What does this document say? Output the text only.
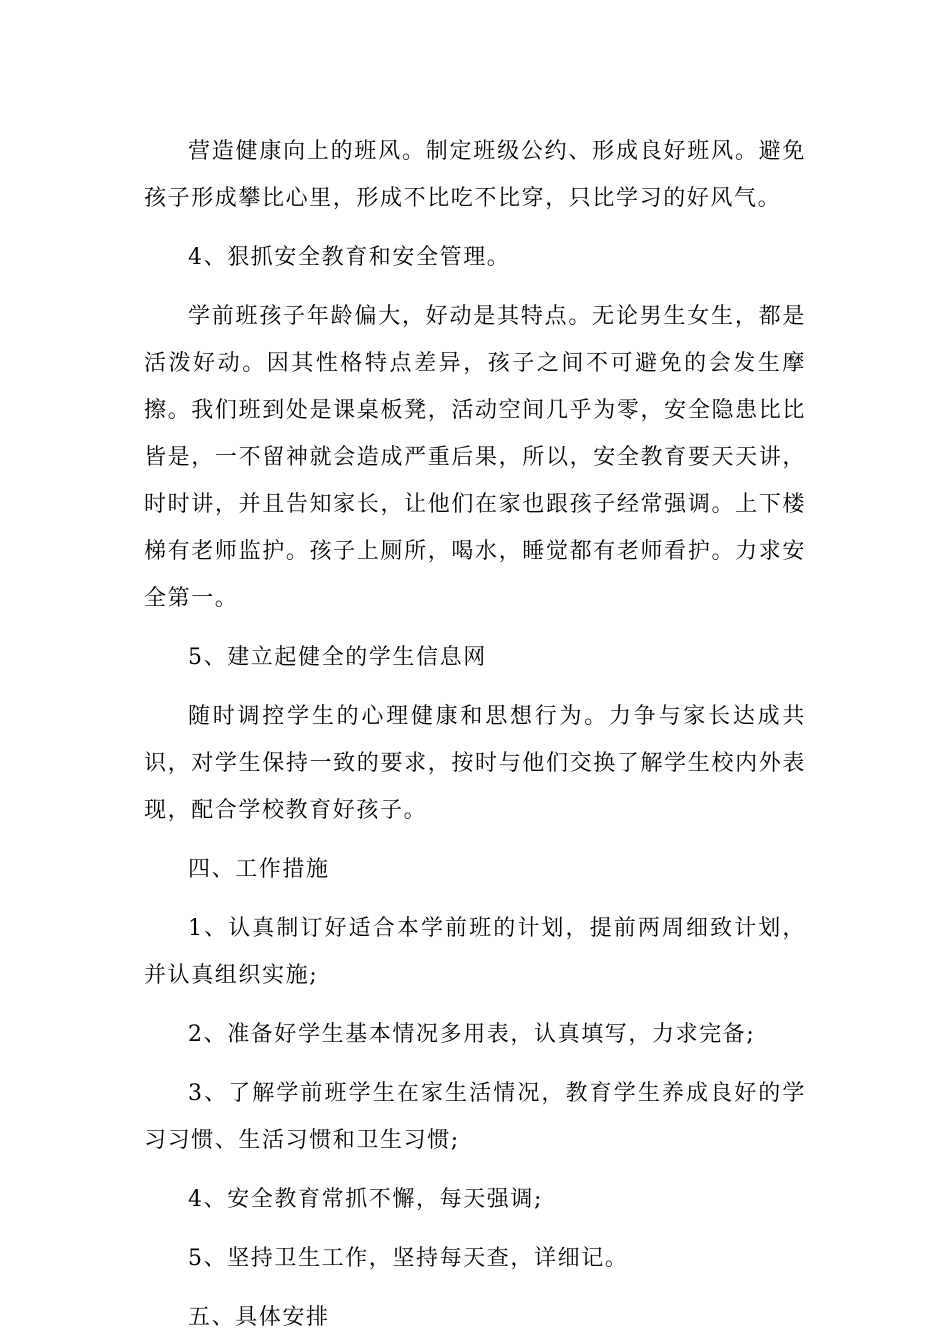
营造健康向上的班风。制定班级公约、形成良好班风。避免孩子形成攀比心里，形成不比吃不比穿，只比学习的好风气。

4、狠抓安全教育和安全管理。

学前班孩子年龄偏大，好动是其特点。无论男生女生，都是活泼好动。因其性格特点差异，孩子之间不可避免的会发生摩擦。我们班到处是课桌板凳，活动空间几乎为零，安全隐患比比皆是，一不留神就会造成严重后果，所以，安全教育要天天讲，时时讲，并且告知家长，让他们在家也跟孩子经常强调。上下楼梯有老师监护。孩子上厕所，喝水，睡觉都有老师看护。力求安全第一。

5、建立起健全的学生信息网

随时调控学生的心理健康和思想行为。力争与家长达成共识，对学生保持一致的要求，按时与他们交换了解学生校内外表现，配合学校教育好孩子。

四、工作措施

1、认真制订好适合本学前班的计划，提前两周细致计划，并认真组织实施;

2、准备好学生基本情况多用表，认真填写，力求完备;

3、了解学前班学生在家生活情况，教育学生养成良好的学习习惯、生活习惯和卫生习惯;

4、安全教育常抓不懈，每天强调;

5、坚持卫生工作，坚持每天查，详细记。

五、具体安排
